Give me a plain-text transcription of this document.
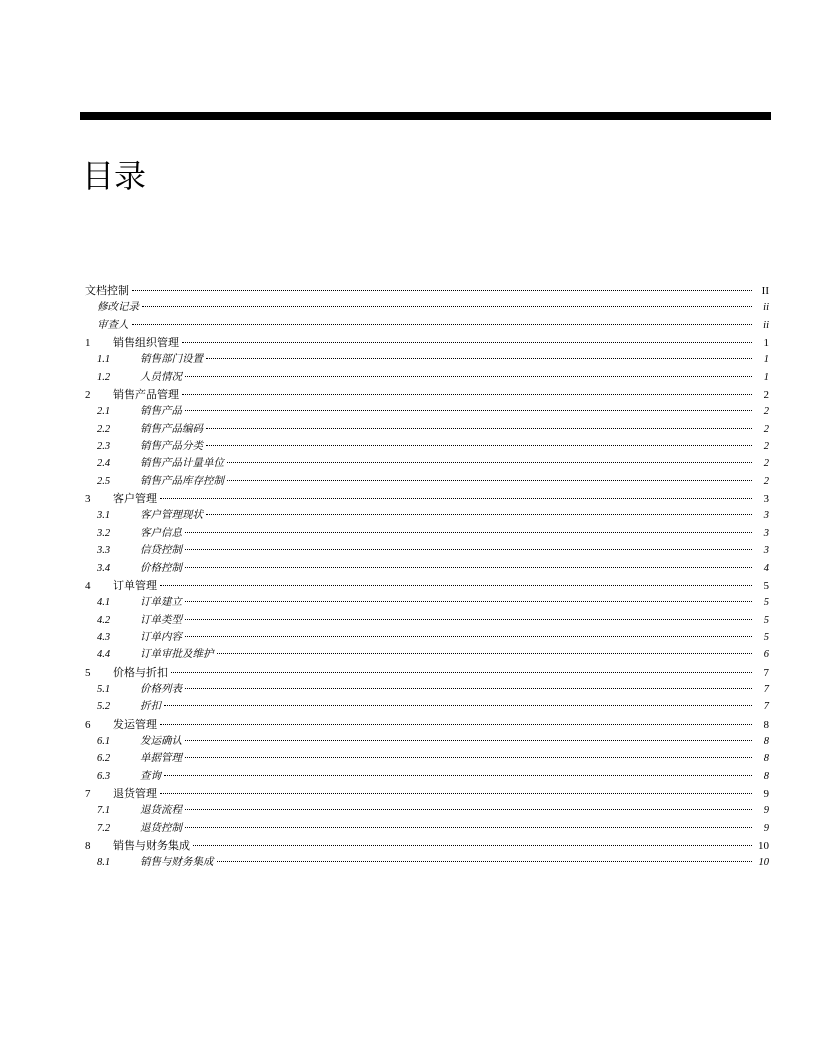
目录
文档控制	II
修改记录	ii
审查人	ii
1	销售组织管理	1
1.1	销售部门设置	1
1.2	人员情况	1
2	销售产品管理	2
2.1	销售产品	2
2.2	销售产品编码	2
2.3	销售产品分类	2
2.4	销售产品计量单位	2
2.5	销售产品库存控制	2
3	客户管理	3
3.1	客户管理现状	3
3.2	客户信息	3
3.3	信贷控制	3
3.4	价格控制	4
4	订单管理	5
4.1	订单建立	5
4.2	订单类型	5
4.3	订单内容	5
4.4	订单审批及维护	6
5	价格与折扣	7
5.1	价格列表	7
5.2	折扣	7
6	发运管理	8
6.1	发运确认	8
6.2	单据管理	8
6.3	查询	8
7	退货管理	9
7.1	退货流程	9
7.2	退货控制	9
8	销售与财务集成	10
8.1	销售与财务集成	10
